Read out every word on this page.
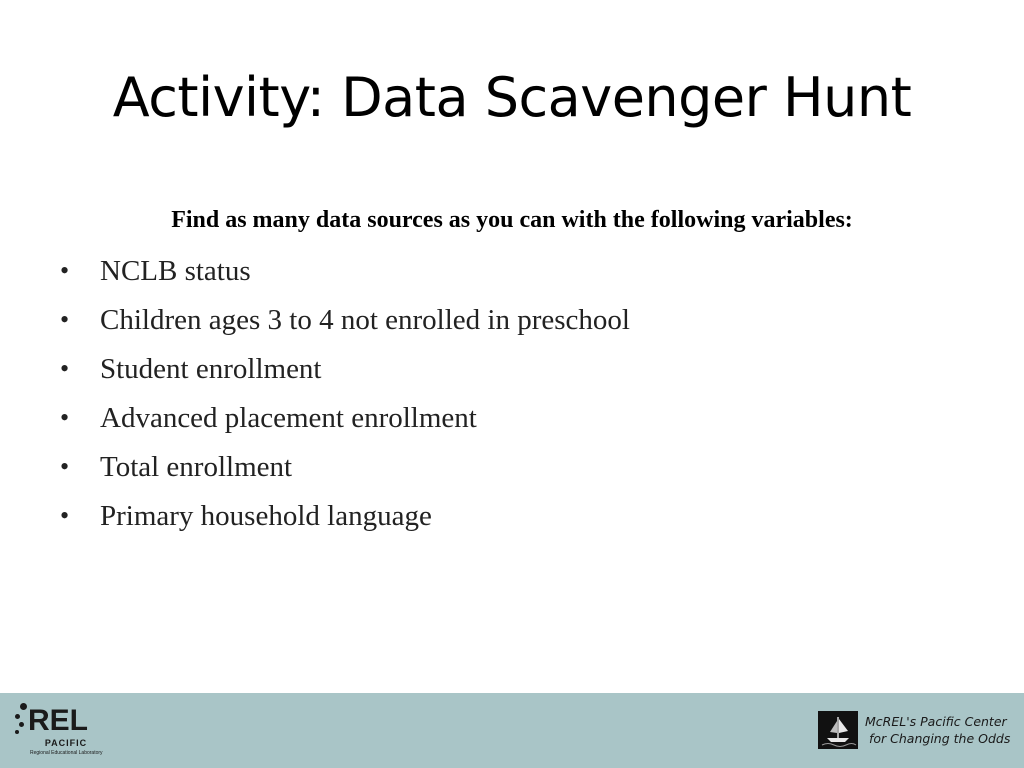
Activity: Data Scavenger Hunt
Find as many data sources as you can with the following variables:
• NCLB status
• Children ages 3 to 4 not enrolled in preschool
• Student enrollment
• Advanced placement enrollment
• Total enrollment
• Primary household language
REL
PACIFIC
Regional Educational Laboratory
McREL's Pacific Center
for Changing the Odds
